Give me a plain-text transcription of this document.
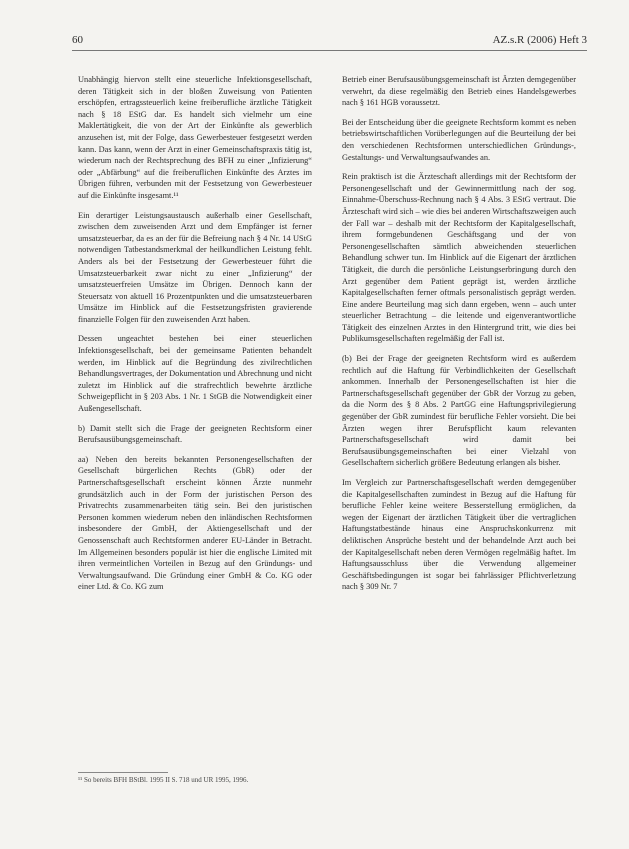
60	AZ.s.R (2006) Heft 3

Unabhängig hiervon stellt eine steuerliche Infektionsgesellschaft, deren Tätigkeit sich in der bloßen Zuweisung von Patienten erschöpfen, ertragssteuerlich keine freiberufliche ärztliche Tätigkeit nach § 18 EStG dar. Es handelt sich vielmehr um eine Maklertätigkeit, die von der Art der Einkünfte als gewerblich anzusehen ist, mit der Folge, dass Gewerbesteuer festgesetzt werden kann. Das kann, wenn der Arzt in einer Gemeinschaftspraxis tätig ist, wiederum nach der Rechtsprechung des BFH zu einer „Infizierung“ oder „Abfärbung“ auf die freiberuflichen Einkünfte des Arztes im Übrigen führen, verbunden mit der Festsetzung von Gewerbesteuer auf die Einkünfte insgesamt.¹¹

Ein derartiger Leistungsaustausch außerhalb einer Gesellschaft, zwischen dem zuweisenden Arzt und dem Empfänger ist ferner umsatzsteuerbar, da es an der für die Befreiung nach § 4 Nr. 14 UStG notwendigen Tatbestandsmerkmal der heilkundlichen Leistung fehlt. Anders als bei der Festsetzung der Gewerbesteuer führt die Umsatzsteuerbarkeit zwar nicht zu einer „Infizierung“ der umsatzsteuerfreien Umsätze im Übrigen. Dennoch kann der Steuersatz von aktuell 16 Prozentpunkten und die umsatzsteuerbaren Umsätze im Hinblick auf die Festsetzungsfristen gravierende finanzielle Folgen für den zuweisenden Arzt haben.

Dessen ungeachtet bestehen bei einer steuerlichen Infektionsgesellschaft, bei der gemeinsame Patienten behandelt werden, im Hinblick auf die Begründung des zivilrechtlichen Behandlungsvertrages, der Dokumentation und Abrechnung und nicht zuletzt im Hinblick auf die strafrechtlich bewehrte ärztliche Schweigepflicht in § 203 Abs. 1 Nr. 1 StGB die Notwendigkeit einer Außengesellschaft.

b) Damit stellt sich die Frage der geeigneten Rechtsform einer Berufsausübungsgemeinschaft.

aa) Neben den bereits bekannten Personengesellschaften der Gesellschaft bürgerlichen Rechts (GbR) oder der Partnerschaftsgesellschaft erscheint können Ärzte nunmehr grundsätzlich auch in der Form der juristischen Person des Privatrechts zusammenarbeiten tätig sein. Bei den juristischen Personen kommen wiederum neben den inländischen Rechtsformen insbesondere der GmbH, der Aktiengesellschaft und der Genossenschaft auch Rechtsformen anderer EU-Länder in Betracht. Im Allgemeinen besonders populär ist hier die englische Limited mit ihren vermeintlichen Vorteilen in Bezug auf den Gründungs- und Verwaltungsaufwand. Die Gründung einer GmbH & Co. KG oder einer Ltd. & Co. KG zum

Betrieb einer Berufsausübungsgemeinschaft ist Ärzten demgegenüber verwehrt, da diese regelmäßig den Betrieb eines Handelsgewerbes nach § 161 HGB voraussetzt.

Bei der Entscheidung über die geeignete Rechtsform kommt es neben betriebswirtschaftlichen Vorüberlegungen auf die Beurteilung der bei den verschiedenen Rechtsformen unterschiedlichen Gründungs-, Gestaltungs- und Verwaltungsaufwandes an.

Rein praktisch ist die Ärzteschaft allerdings mit der Rechtsform der Personengesellschaft und der Gewinnermittlung nach der sog. Einnahme-Überschuss-Rechnung nach § 4 Abs. 3 EStG vertraut. Die Ärzteschaft wird sich – wie dies bei anderen Wirtschaftszweigen auch der Fall war – deshalb mit der Rechtsform der Kapitalgesellschaft, ihrem formgebundenen Geschäftsgang und der von Personengesellschaften sämtlich abweichenden steuerlichen Behandlung schwer tun. Im Hinblick auf die Eigenart der ärztlichen Tätigkeit, die durch die persönliche Leistungserbringung durch den Arzt gegenüber dem Patient geprägt ist, werden ärztliche Kapitalgesellschaften ferner oftmals personalistisch geprägt werden. Eine andere Beurteilung mag sich dann ergeben, wenn – auch unter steuerlicher Betrachtung – die leitende und eigenverantwortliche Tätigkeit des einzelnen Arztes in den Hintergrund tritt, wie dies bei Publikumsgesellschaften regelmäßig der Fall ist.

(b) Bei der Frage der geeigneten Rechtsform wird es außerdem rechtlich auf die Haftung für Verbindlichkeiten der Gesellschaft ankommen. Innerhalb der Personengesellschaften ist hier die Partnerschaftsgesellschaft gegenüber der GbR der Vorzug zu geben, da die Norm des § 8 Abs. 2 PartGG eine Haftungsprivilegierung gegenüber der GbR zumindest für berufliche Fehler vorsieht. Die bei Ärzten wegen ihrer Berufspflicht kaum relevanten Partnerschaftsgesellschaft wird damit bei Berufsausübungsgemeinschaften bei einer Vielzahl von Gesellschaftern sicherlich größere Bedeutung erlangen als bisher.

Im Vergleich zur Partnerschaftsgesellschaft werden demgegenüber die Kapitalgesellschaften zumindest in Bezug auf die Haftung für berufliche Fehler keine weitere Besserstellung ermöglichen, da wegen der Eigenart der ärztlichen Tätigkeit über die vertraglichen Haftungstatbestände hinaus eine Anspruchskonkurrenz mit deliktischen Ansprüche besteht und der behandelnde Arzt auch bei der Kapitalgesellschaft neben deren Vermögen regelmäßig haftet. Im Haftungsausschluss über die Verwendung allgemeiner Geschäftsbedingungen ist sogar bei fahrlässiger Pflichtverletzung nach § 309 Nr. 7

¹¹ So bereits BFH BStBl. 1995 II S. 718 und UR 1995, 1996.
